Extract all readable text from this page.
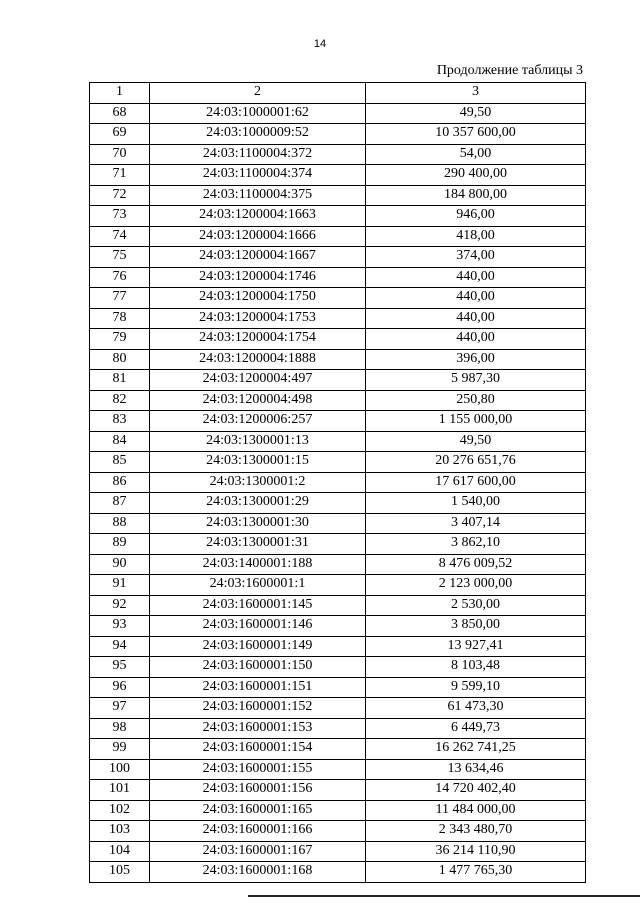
14
Продолжение таблицы 3
1	2	3
68	24:03:1000001:62	49,50
69	24:03:1000009:52	10 357 600,00
70	24:03:1100004:372	54,00
71	24:03:1100004:374	290 400,00
72	24:03:1100004:375	184 800,00
73	24:03:1200004:1663	946,00
74	24:03:1200004:1666	418,00
75	24:03:1200004:1667	374,00
76	24:03:1200004:1746	440,00
77	24:03:1200004:1750	440,00
78	24:03:1200004:1753	440,00
79	24:03:1200004:1754	440,00
80	24:03:1200004:1888	396,00
81	24:03:1200004:497	5 987,30
82	24:03:1200004:498	250,80
83	24:03:1200006:257	1 155 000,00
84	24:03:1300001:13	49,50
85	24:03:1300001:15	20 276 651,76
86	24:03:1300001:2	17 617 600,00
87	24:03:1300001:29	1 540,00
88	24:03:1300001:30	3 407,14
89	24:03:1300001:31	3 862,10
90	24:03:1400001:188	8 476 009,52
91	24:03:1600001:1	2 123 000,00
92	24:03:1600001:145	2 530,00
93	24:03:1600001:146	3 850,00
94	24:03:1600001:149	13 927,41
95	24:03:1600001:150	8 103,48
96	24:03:1600001:151	9 599,10
97	24:03:1600001:152	61 473,30
98	24:03:1600001:153	6 449,73
99	24:03:1600001:154	16 262 741,25
100	24:03:1600001:155	13 634,46
101	24:03:1600001:156	14 720 402,40
102	24:03:1600001:165	11 484 000,00
103	24:03:1600001:166	2 343 480,70
104	24:03:1600001:167	36 214 110,90
105	24:03:1600001:168	1 477 765,30
